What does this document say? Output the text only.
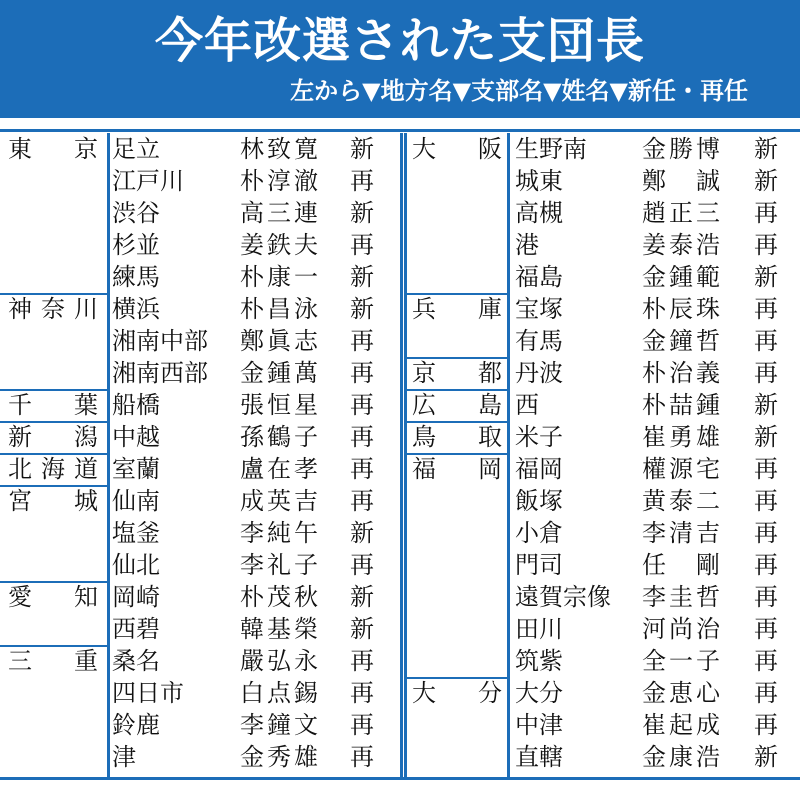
今年改選された支団長
左から▼地方名▼支部名▼姓名▼新任・再任
東京 足立	林致寛 新
江戸川 朴淳澈 再
渋谷	高三連 新
杉並	姜鉄夫 再
練馬	朴康一 新
神奈川 横浜	朴昌泳 新
湘南中部 鄭眞志 再
湘南西部 金鍾萬 再
千葉 船橋	張恒星 再
新潟 中越	孫鶴子 再
北海道 室蘭	盧在孝 再
宮城 仙南	成英吉 再
塩釜	李純午 新
仙北	李礼子 再
愛知 岡崎	朴茂秋 新
西碧	韓基榮 新
三重 桑名	嚴弘永 再
四日市 白点錫 再
鈴鹿	李鐘文 再
津	金秀雄 再
大阪 生野南 金勝博 新
城東	鄭誠 新
高槻	趙正三 再
港	姜泰浩 再
福島	金鍾範 新
兵庫 宝塚	朴辰珠 再
有馬	金鐘哲 再
京都 丹波	朴治義 再
広島 西	朴喆鍾 新
鳥取 米子	崔勇雄 新
福岡 福岡	權源宅 再
飯塚	黄泰二 再
小倉	李清吉 再
門司	任剛 再
遠賀宗像 李圭哲 再
田川	河尚治 再
筑紫	全一子 再
大分 大分	金恵心 再
中津	崔起成 再
直轄	金康浩 新
